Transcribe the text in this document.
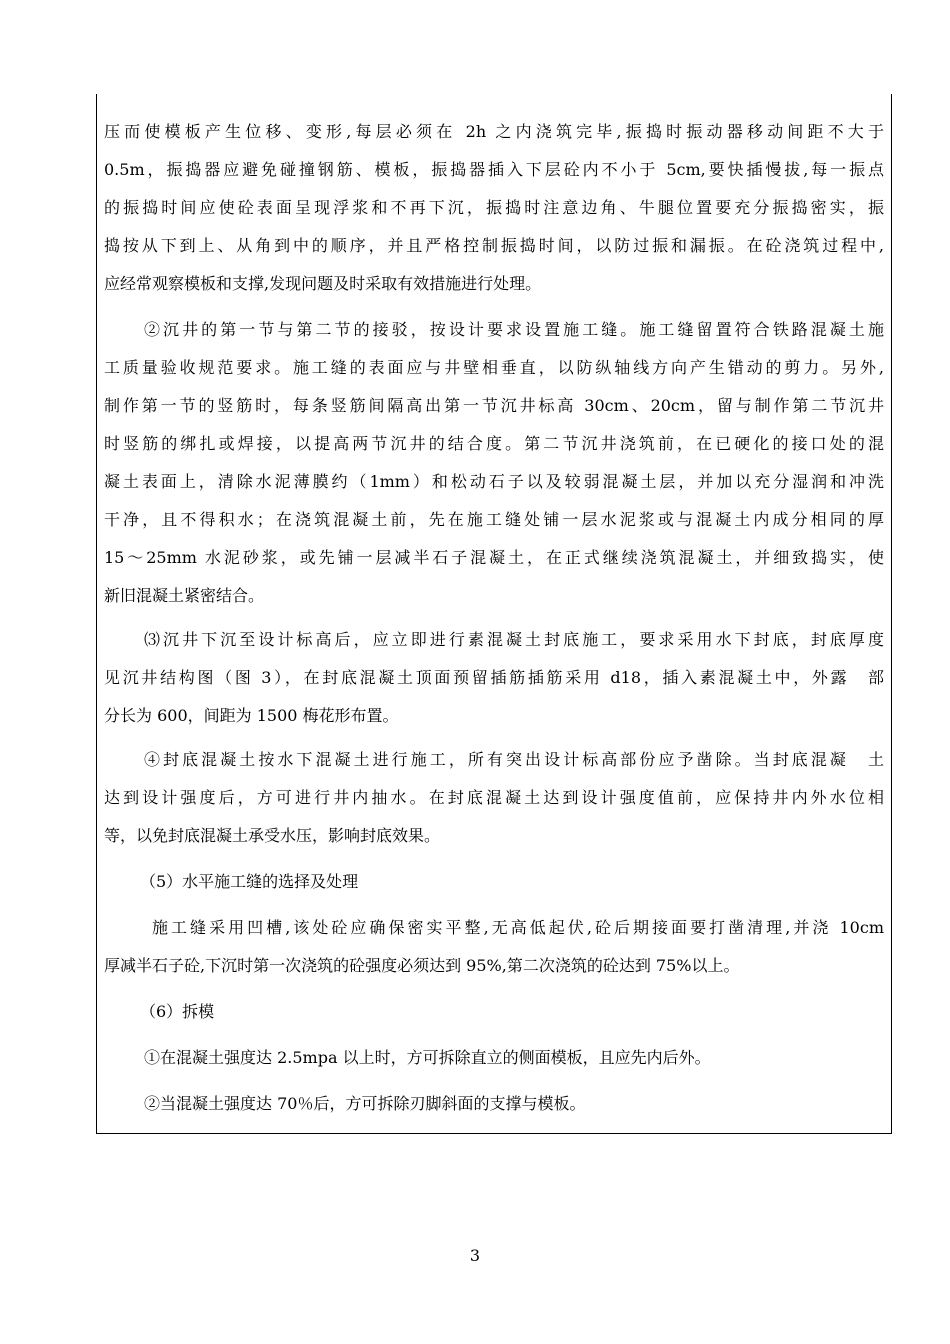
压而使模板产生位移、变形,每层必须在 2h 之内浇筑完毕,振捣时振动器移动间距不大于
0.5m，振捣器应避免碰撞钢筋、模板，振捣器插入下层砼内不小于 5cm,要快插慢拔,每一振点
的振捣时间应使砼表面呈现浮浆和不再下沉，振捣时注意边角、牛腿位置要充分振捣密实，振
捣按从下到上、从角到中的顺序，并且严格控制振捣时间，以防过振和漏振。在砼浇筑过程中,
应经常观察模板和支撑,发现问题及时采取有效措施进行处理。
②沉井的第一节与第二节的接驳，按设计要求设置施工缝。施工缝留置符合铁路混凝土施
工质量验收规范要求。施工缝的表面应与井壁相垂直，以防纵轴线方向产生错动的剪力。另外,
制作第一节的竖筋时，每条竖筋间隔高出第一节沉井标高 30cm、20cm，留与制作第二节沉井
时竖筋的绑扎或焊接，以提高两节沉井的结合度。第二节沉井浇筑前，在已硬化的接口处的混
凝土表面上，清除水泥薄膜约（1mm）和松动石子以及较弱混凝土层，并加以充分湿润和冲洗
干净，且不得积水；在浇筑混凝土前，先在施工缝处铺一层水泥浆或与混凝土内成分相同的厚
15～25mm 水泥砂浆，或先铺一层减半石子混凝土，在正式继续浇筑混凝土，并细致捣实，使
新旧混凝土紧密结合。
⑶沉井下沉至设计标高后，应立即进行素混凝土封底施工，要求采用水下封底，封底厚度
见沉井结构图（图 3），在封底混凝土顶面预留插筋插筋采用 d18，插入素混凝土中，外露　部
分长为 600，间距为 1500 梅花形布置。
④封底混凝土按水下混凝土进行施工，所有突出设计标高部份应予凿除。当封底混凝　土
达到设计强度后，方可进行井内抽水。在封底混凝土达到设计强度值前，应保持井内外水位相
等，以免封底混凝土承受水压，影响封底效果。
（5）水平施工缝的选择及处理
施工缝采用凹槽,该处砼应确保密实平整,无高低起伏,砼后期接面要打凿清理,并浇 10cm
厚减半石子砼,下沉时第一次浇筑的砼强度必须达到 95%,第二次浇筑的砼达到 75%以上。
（6）拆模
①在混凝土强度达 2.5mpa 以上时，方可拆除直立的侧面模板，且应先内后外。
②当混凝土强度达 70％后，方可拆除刃脚斜面的支撑与模板。
3
